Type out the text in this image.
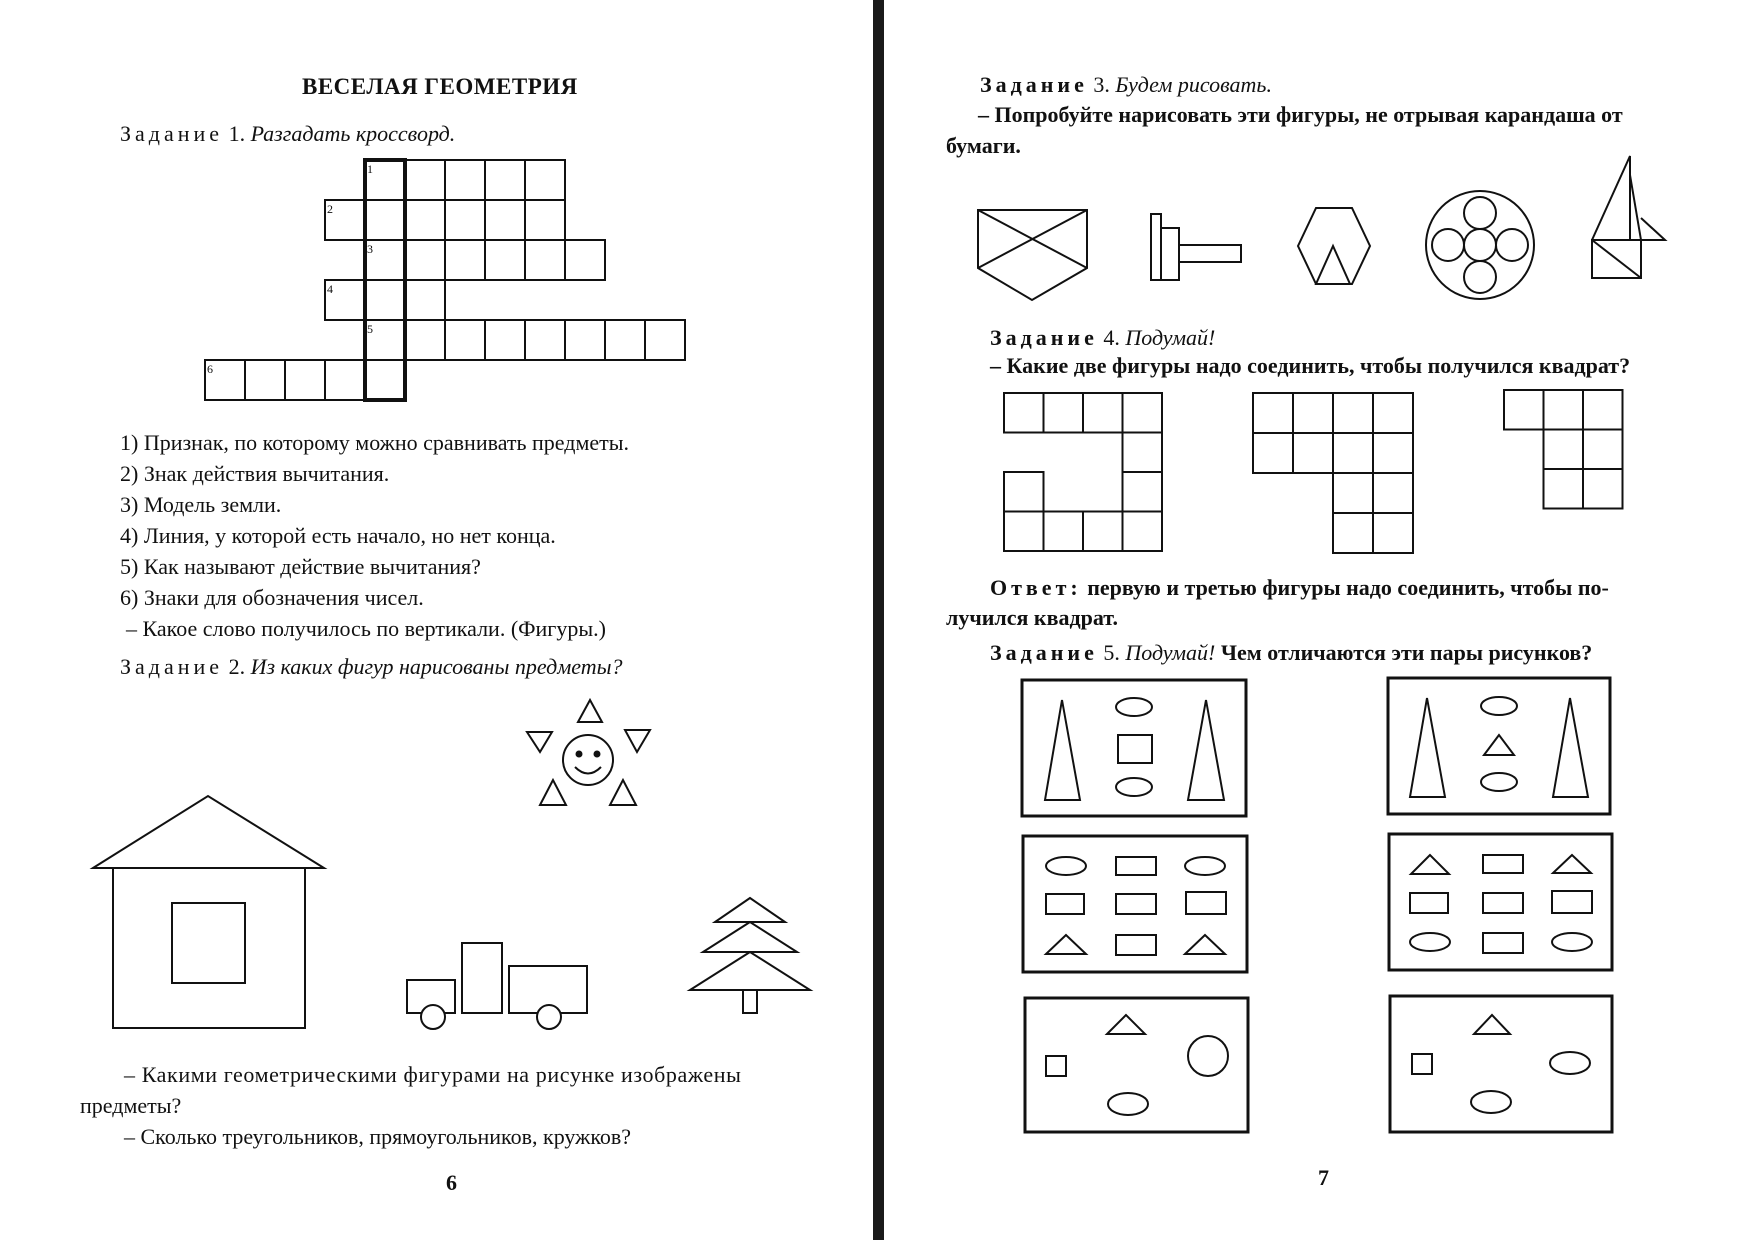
ВЕСЕЛАЯ ГЕОМЕТРИЯ
Задание 1. Разгадать кроссворд.
1
2
3
4
5
6
1) Признак, по которому можно сравнивать предметы.
2) Знак действия вычитания.
3) Модель земли.
4) Линия, у которой есть начало, но нет конца.
5) Как называют действие вычитания?
6) Знаки для обозначения чисел.
– Какое слово получилось по вертикали. (Фигуры.)
Задание 2. Из каких фигур нарисованы предметы?
– Какими геометрическими фигурами на рисунке изображены
предметы?
– Сколько треугольников, прямоугольников, кружков?
6
Задание 3. Будем рисовать.
– Попробуйте нарисовать эти фигуры, не отрывая карандаша от
бумаги.
Задание 4. Подумай!
– Какие две фигуры надо соединить, чтобы получился квадрат?
Ответ: первую и третью фигуры надо соединить, чтобы по-
лучился квадрат.
Задание 5. Подумай! Чем отличаются эти пары рисунков?
7
